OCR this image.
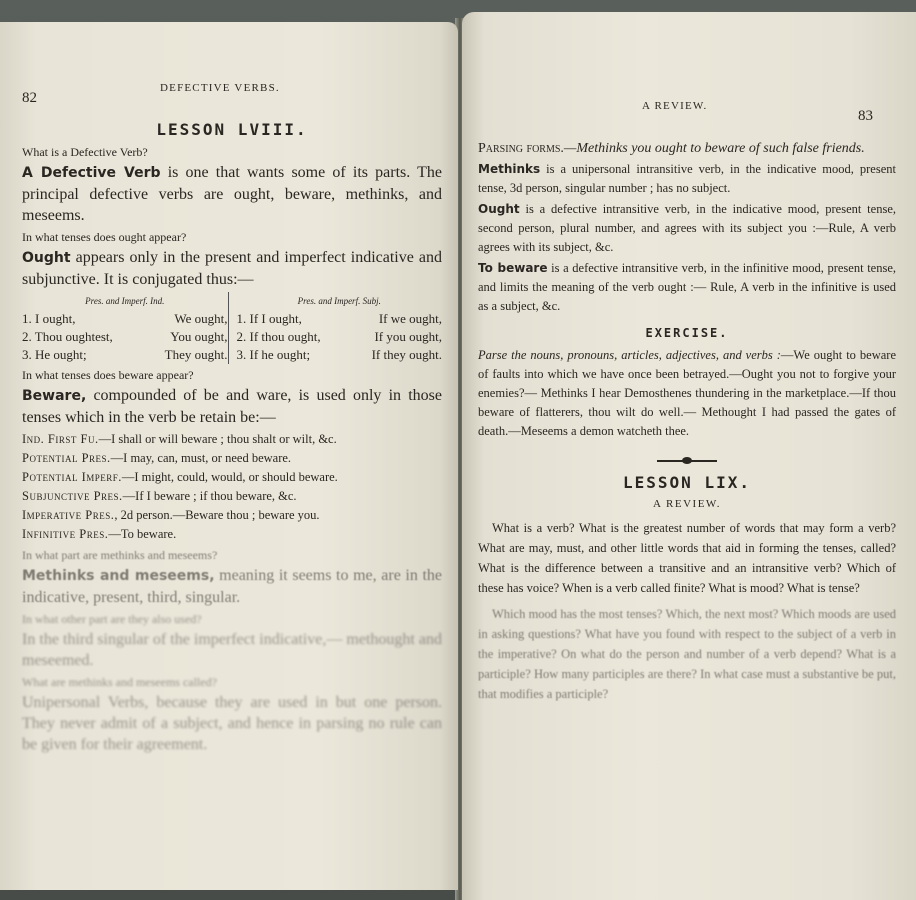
82
DEFECTIVE VERBS.
LESSON LVIII.
What is a Defective Verb?

A Defective Verb is one that wants some of its parts. The principal defective verbs are ought, beware, methinks, and meseems.

In what tenses does ought appear?

Ought appears only in the present and imperfect indicative and subjunctive. It is conjugated thus:—

Pres. and Imperf. Ind.
1. I ought,	We ought,
2. Thou oughtest,	You ought,
3. He ought;	They ought.
Pres. and Imperf. Subj.
1. If I ought,	If we ought,
2. If thou ought,	If you ought,
3. If he ought;	If they ought.
In what tenses does beware appear?

Beware, compounded of be and ware, is used only in those tenses which in the verb be retain be:—

Ind. First Fu.—I shall or will beware ; thou shalt or wilt, &c.
Potential Pres.—I may, can, must, or need beware.
Potential Imperf.—I might, could, would, or should beware.
Subjunctive Pres.—If I beware ; if thou beware, &c.
Imperative Pres., 2d person.—Beware thou ; beware you.
Infinitive Pres.—To beware.
In what part are methinks and meseems?

Methinks and meseems, meaning it seems to me, are in the indicative, present, third, singular.

In what other part are they also used?

In the third singular of the imperfect indicative,— methought and meseemed.

What are methinks and meseems called?

Unipersonal Verbs, because they are used in but one person. They never admit of a subject, and hence in parsing no rule can be given for their agreement.

A REVIEW.
83

Parsing forms.—Methinks you ought to beware of such false friends.

Methinks is a unipersonal intransitive verb, in the indicative mood, present tense, 3d person, singular number ; has no subject.

Ought is a defective intransitive verb, in the indicative mood, present tense, second person, plural number, and agrees with its subject you :—Rule, A verb agrees with its subject, &c.

To beware is a defective intransitive verb, in the infinitive mood, present tense, and limits the meaning of the verb ought :— Rule, A verb in the infinitive is used as a subject, &c.

EXERCISE.

Parse the nouns, pronouns, articles, adjectives, and verbs :—We ought to beware of faults into which we have once been betrayed.—Ought you not to forgive your enemies?— Methinks I hear Demosthenes thundering in the marketplace.—If thou beware of flatterers, thou wilt do well.— Methought I had passed the gates of death.—Meseems a demon watcheth thee.

LESSON LIX.
A REVIEW.

What is a verb? What is the greatest number of words that may form a verb? What are may, must, and other little words that aid in forming the tenses, called? What is the difference between a transitive and an intransitive verb? Which of these has voice? When is a verb called finite? What is mood? What is tense?

Which mood has the most tenses? Which, the next most? Which moods are used in asking questions? What have you found with respect to the subject of a verb in the imperative? On what do the person and number of a verb depend? What is a participle? How many participles are there? In what case must a substantive be put, that modifies a participle?
